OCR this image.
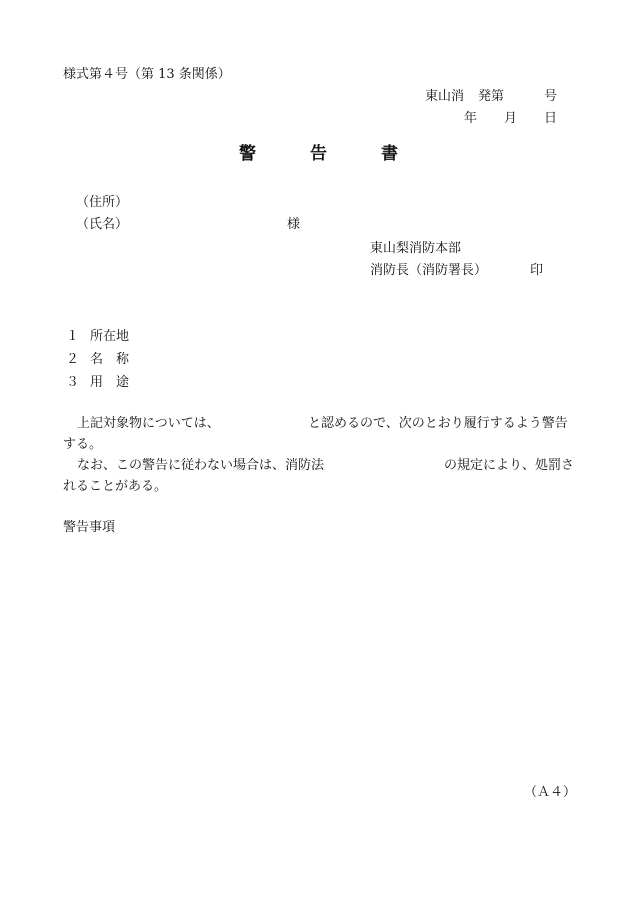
様式第４号（第 13 条関係）
東山消 発第	号
年 月 日
警	告	書
（住所）
（氏名）	様
東山梨消防本部
消防長（消防署長）	印
１ 所在地
２ 名　称
３ 用　途
上記対象物については、	と認めるので、次のとおり履行するよう警告
する。
なお、この警告に従わない場合は、消防法	の規定により、処罰さ
れることがある。
警告事項
（Ａ４）
